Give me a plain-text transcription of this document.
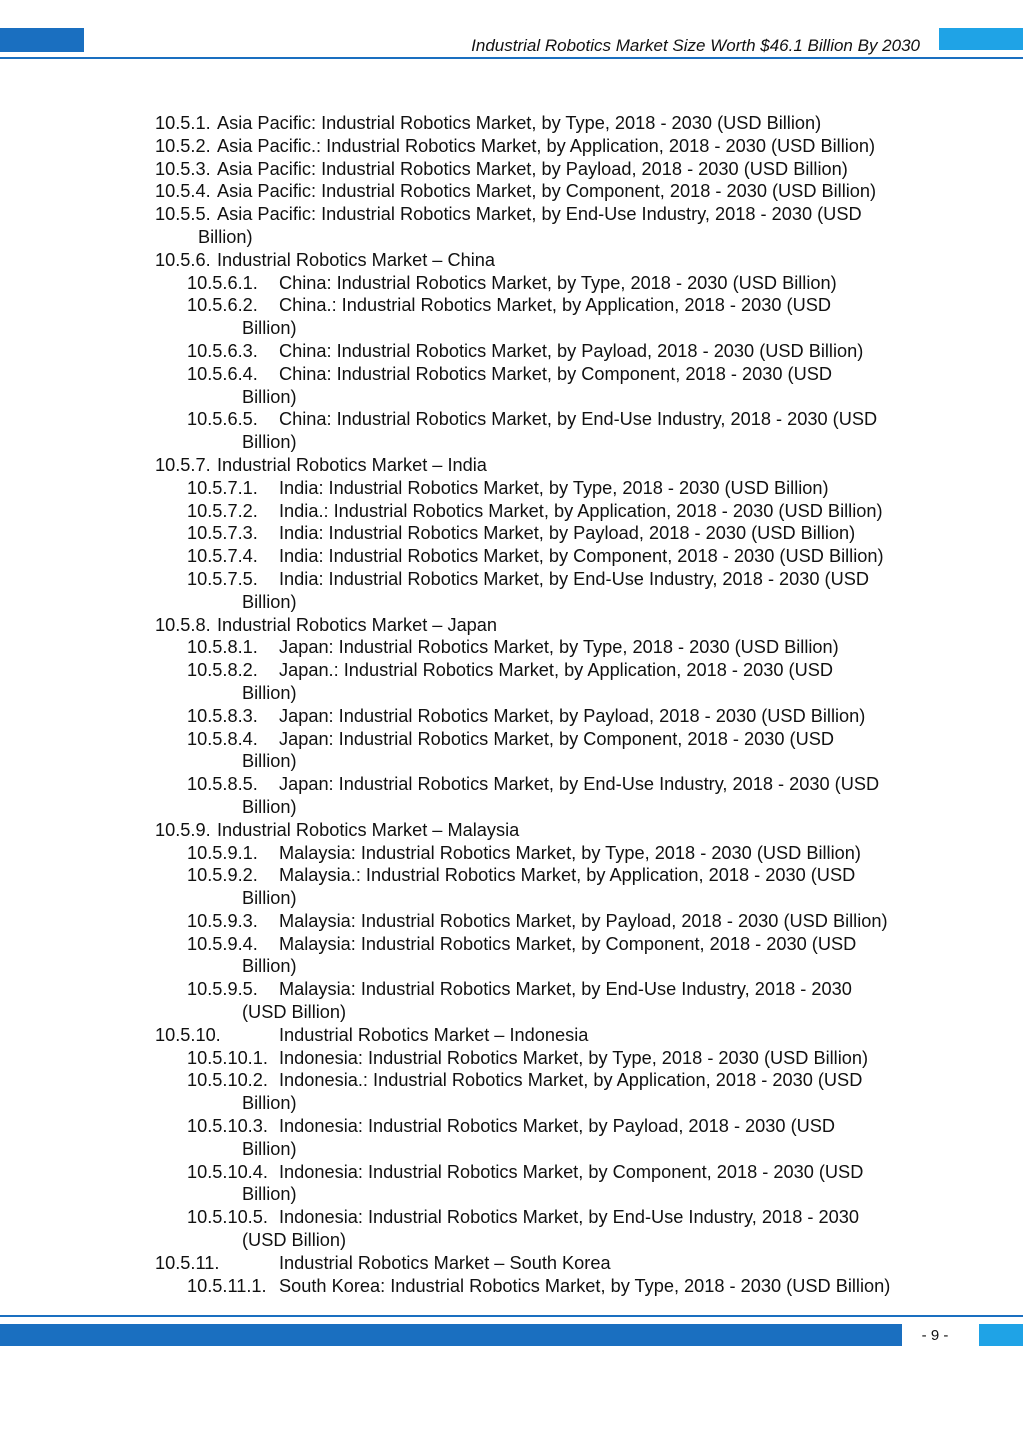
Industrial Robotics Market Size Worth $46.1 Billion By 2030
10.5.1. Asia Pacific: Industrial Robotics Market, by Type, 2018 - 2030 (USD Billion)
10.5.2. Asia Pacific.: Industrial Robotics Market, by Application, 2018 - 2030 (USD Billion)
10.5.3. Asia Pacific: Industrial Robotics Market, by Payload, 2018 - 2030 (USD Billion)
10.5.4. Asia Pacific: Industrial Robotics Market, by Component, 2018 - 2030 (USD Billion)
10.5.5. Asia Pacific: Industrial Robotics Market, by End-Use Industry, 2018 - 2030 (USD
Billion)
10.5.6. Industrial Robotics Market – China
10.5.6.1.	China: Industrial Robotics Market, by Type, 2018 - 2030 (USD Billion)
10.5.6.2.	China.: Industrial Robotics Market, by Application, 2018 - 2030 (USD
Billion)
10.5.6.3.	China: Industrial Robotics Market, by Payload, 2018 - 2030 (USD Billion)
10.5.6.4.	China: Industrial Robotics Market, by Component, 2018 - 2030 (USD
Billion)
10.5.6.5.	China: Industrial Robotics Market, by End-Use Industry, 2018 - 2030 (USD
Billion)
10.5.7. Industrial Robotics Market – India
10.5.7.1.	India: Industrial Robotics Market, by Type, 2018 - 2030 (USD Billion)
10.5.7.2.	India.: Industrial Robotics Market, by Application, 2018 - 2030 (USD Billion)
10.5.7.3.	India: Industrial Robotics Market, by Payload, 2018 - 2030 (USD Billion)
10.5.7.4.	India: Industrial Robotics Market, by Component, 2018 - 2030 (USD Billion)
10.5.7.5.	India: Industrial Robotics Market, by End-Use Industry, 2018 - 2030 (USD
Billion)
10.5.8. Industrial Robotics Market – Japan
10.5.8.1.	Japan: Industrial Robotics Market, by Type, 2018 - 2030 (USD Billion)
10.5.8.2.	Japan.: Industrial Robotics Market, by Application, 2018 - 2030 (USD
Billion)
10.5.8.3.	Japan: Industrial Robotics Market, by Payload, 2018 - 2030 (USD Billion)
10.5.8.4.	Japan: Industrial Robotics Market, by Component, 2018 - 2030 (USD
Billion)
10.5.8.5.	Japan: Industrial Robotics Market, by End-Use Industry, 2018 - 2030 (USD
Billion)
10.5.9. Industrial Robotics Market – Malaysia
10.5.9.1.	Malaysia: Industrial Robotics Market, by Type, 2018 - 2030 (USD Billion)
10.5.9.2.	Malaysia.: Industrial Robotics Market, by Application, 2018 - 2030 (USD
Billion)
10.5.9.3.	Malaysia: Industrial Robotics Market, by Payload, 2018 - 2030 (USD Billion)
10.5.9.4.	Malaysia: Industrial Robotics Market, by Component, 2018 - 2030 (USD
Billion)
10.5.9.5.	Malaysia: Industrial Robotics Market, by End-Use Industry, 2018 - 2030
(USD Billion)
10.5.10.	Industrial Robotics Market – Indonesia
10.5.10.1. Indonesia: Industrial Robotics Market, by Type, 2018 - 2030 (USD Billion)
10.5.10.2. Indonesia.: Industrial Robotics Market, by Application, 2018 - 2030 (USD
Billion)
10.5.10.3. Indonesia: Industrial Robotics Market, by Payload, 2018 - 2030 (USD
Billion)
10.5.10.4. Indonesia: Industrial Robotics Market, by Component, 2018 - 2030 (USD
Billion)
10.5.10.5. Indonesia: Industrial Robotics Market, by End-Use Industry, 2018 - 2030
(USD Billion)
10.5.11.	Industrial Robotics Market – South Korea
10.5.11.1. South Korea: Industrial Robotics Market, by Type, 2018 - 2030 (USD Billion)
- 9 -
